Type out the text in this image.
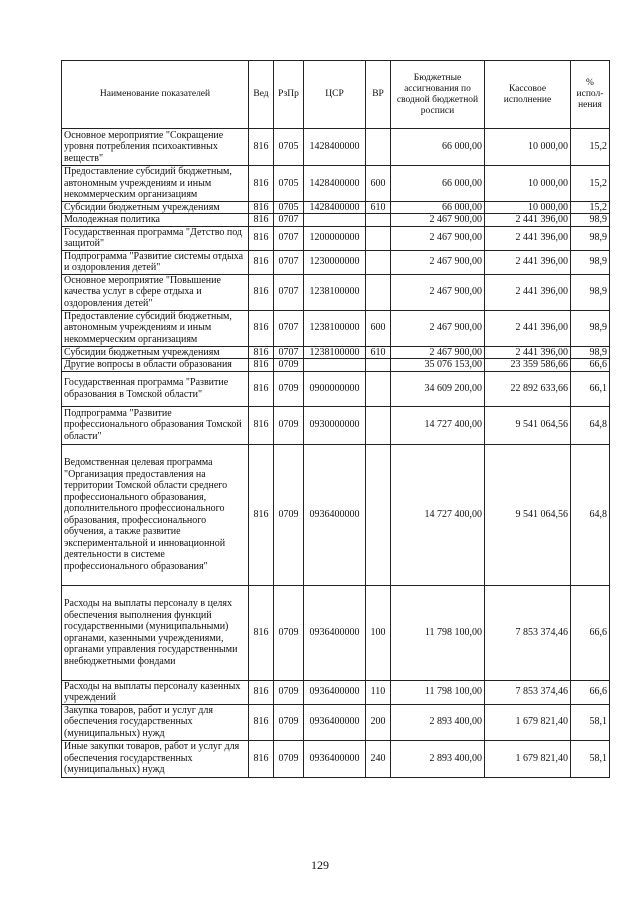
Наименование показателей	Вед	РзПр	ЦСР	ВР	Бюджетные ассигнования по сводной бюджетной росписи	Кассовое исполнение	% испол-нения
Основное мероприятие "Сокращение уровня потребления психоактивных веществ"	816	0705	1428400000		66 000,00	10 000,00	15,2
Предоставление субсидий бюджетным, автономным учреждениям и иным некоммерческим организациям	816	0705	1428400000	600	66 000,00	10 000,00	15,2
Субсидии бюджетным учреждениям	816	0705	1428400000	610	66 000,00	10 000,00	15,2
Молодежная политика	816	0707			2 467 900,00	2 441 396,00	98,9
Государственная программа "Детство под защитой"	816	0707	1200000000		2 467 900,00	2 441 396,00	98,9
Подпрограмма "Развитие системы отдыха и оздоровления детей"	816	0707	1230000000		2 467 900,00	2 441 396,00	98,9
Основное мероприятие "Повышение качества услуг в сфере отдыха и оздоровления детей"	816	0707	1238100000		2 467 900,00	2 441 396,00	98,9
Предоставление субсидий бюджетным, автономным учреждениям и иным некоммерческим организациям	816	0707	1238100000	600	2 467 900,00	2 441 396,00	98,9
Субсидии бюджетным учреждениям	816	0707	1238100000	610	2 467 900,00	2 441 396,00	98,9
Другие вопросы в области образования	816	0709			35 076 153,00	23 359 586,66	66,6
Государственная программа "Развитие образования в Томской области"	816	0709	0900000000		34 609 200,00	22 892 633,66	66,1
Подпрограмма "Развитие профессионального образования Томской области"	816	0709	0930000000		14 727 400,00	9 541 064,56	64,8
Ведомственная целевая программа "Организация предоставления на территории Томской области среднего профессионального образования, дополнительного профессионального образования, профессионального обучения, а также развитие экспериментальной и инновационной деятельности в системе профессионального образования"	816	0709	0936400000		14 727 400,00	9 541 064,56	64,8
Расходы на выплаты персоналу в целях обеспечения выполнения функций государственными (муниципальными) органами, казенными учреждениями, органами управления государственными внебюджетными фондами	816	0709	0936400000	100	11 798 100,00	7 853 374,46	66,6
Расходы на выплаты персоналу казенных учреждений	816	0709	0936400000	110	11 798 100,00	7 853 374,46	66,6
Закупка товаров, работ и услуг для обеспечения государственных (муниципальных) нужд	816	0709	0936400000	200	2 893 400,00	1 679 821,40	58,1
Иные закупки товаров, работ и услуг для обеспечения государственных (муниципальных) нужд	816	0709	0936400000	240	2 893 400,00	1 679 821,40	58,1
129
